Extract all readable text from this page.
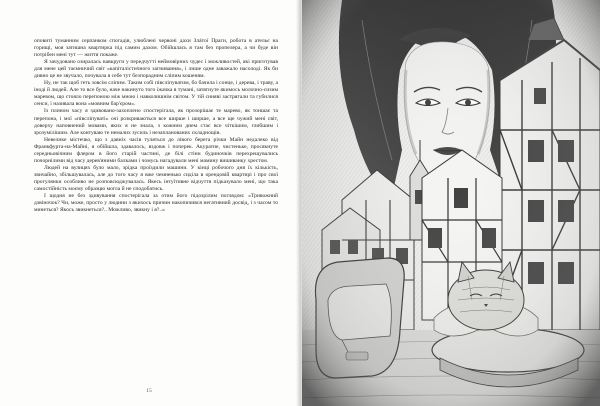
оповиті туманним серпанком спогадів, улюблені червоні дахи Злáтої Праги, робота в ательє на горищі, моя затишна квартирка під самим дахом. Обійшлась я там без пропелера, а чи буде він потрібен мені тут — життя покаже.

Я зачудовано озиралась навкруги у передчутті неймовірних чудес і можливостей, які приготував для мене цей таємничий світ «капіталістичного загнивання», і лише одне заважало насолоді. Як би дивно це не звучало, почувала я себе тут безпорадним сліпим кошеням.

Ну, не так щоб геть зовсім сліпим. Таким собі півсліпуватим, бо бачила і сонце, і дерева, і траву, а іноді й людей. Але то все було, наче накинуто того їжачка в тумані, затягнуте якимось молочно-сизим маревом, що стояло перепоною між мною і навколишнім світом. У тій синяві застрягали та губилися сенси, і називала вона «мовним бар'єром».

Із плином часу я здивовано-захоплено спостерігала, як прозорішає те марево, як тоншає та перепона, і мої «півсліпуваті» очі розкриваються все ширше і ширше, а все ще чужий мені світ, доверху наповнений мовами, яких я не знала, з кожним днем стає все чіткішим, глибшим і зрозумілішим. Але контуваю те немалих зусиль і незапланованих складнощів.

Невелике містечко, що з давніх часів туляться до лівого берега річки Майн недалеко від Франкфурта-на-Майні, я обійшла, здавалось, вздовж і поперек. Акуратне, чистеньке, просякнуте середньовічним флером в його старій частині, де білі стіни будиночків перехрещувались почорнілими від часу дерев'яними балками і чомусь нагадували мені мамину вишиванку хрестом.

Людей на вулицях було мало, зрідка проїздили машини. У кінці робочого дня їх кількість, звичайно, збільшувалась, але до того часу я вже чемненько сиділа в орендовій квартирі і про свої прогулянки особливо не розповсюджувалась. Якесь інтуїтивне відчуття підказувало мені, що така самостійність моєму образцю могла й не сподобатись.

І щодня не без здивування спостерігала за отим його підозрілим поглядом: «Тривожний дзвіночок? Чи, може, просто у людини з якихось причин накопичився негативний досвід, і з часом то минеться? Якось звикнеться?.. Можливо, звикну і я?..»

15
